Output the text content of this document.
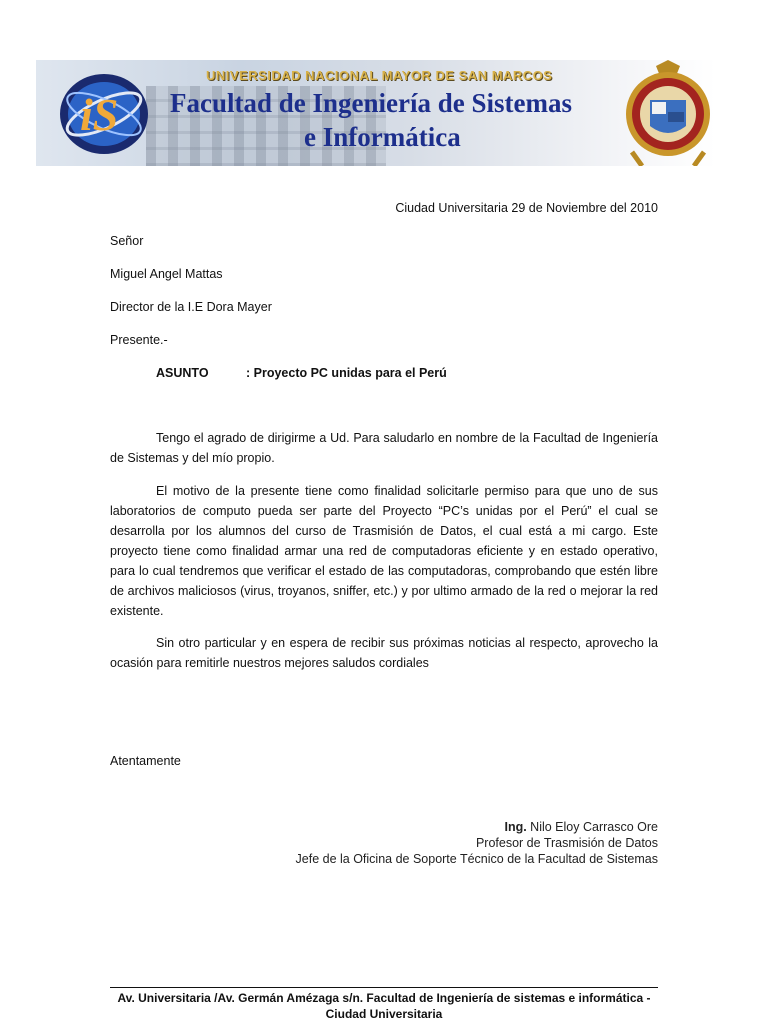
iS
UNIVERSIDAD NACIONAL MAYOR DE SAN MARCOS
Facultad de Ingeniería de Sistemas
e Informática
Ciudad Universitaria 29 de Noviembre del 2010
Señor
Miguel Angel Mattas
Director de la I.E Dora Mayer
Presente.-
ASUNTO	: Proyecto PC unidas para el Perú

Tengo el agrado de dirigirme a Ud. Para saludarlo en nombre de la Facultad de Ingeniería de Sistemas y del mío propio.

El motivo de la presente tiene como finalidad solicitarle permiso para que uno de sus laboratorios de computo pueda ser parte del Proyecto “PC’s unidas por el Perú” el cual se desarrolla por los alumnos del curso de Trasmisión de Datos, el cual está a mi cargo. Este proyecto tiene como finalidad armar una red de computadoras eficiente y en estado operativo, para lo cual tendremos que verificar el estado de las computadoras, comprobando que estén libre de archivos maliciosos (virus, troyanos, sniffer, etc.) y por ultimo armado de la red o mejorar la red existente.

Sin otro particular y en espera de recibir sus próximas noticias al respecto, aprovecho la ocasión para remitirle nuestros mejores saludos cordiales

Atentamente
Ing. Nilo Eloy Carrasco Ore
Profesor de Trasmisión de Datos
Jefe de la Oficina de Soporte Técnico de la Facultad de Sistemas
Av. Universitaria /Av. Germán Amézaga s/n. Facultad de Ingeniería de sistemas e informática -
Ciudad Universitaria
